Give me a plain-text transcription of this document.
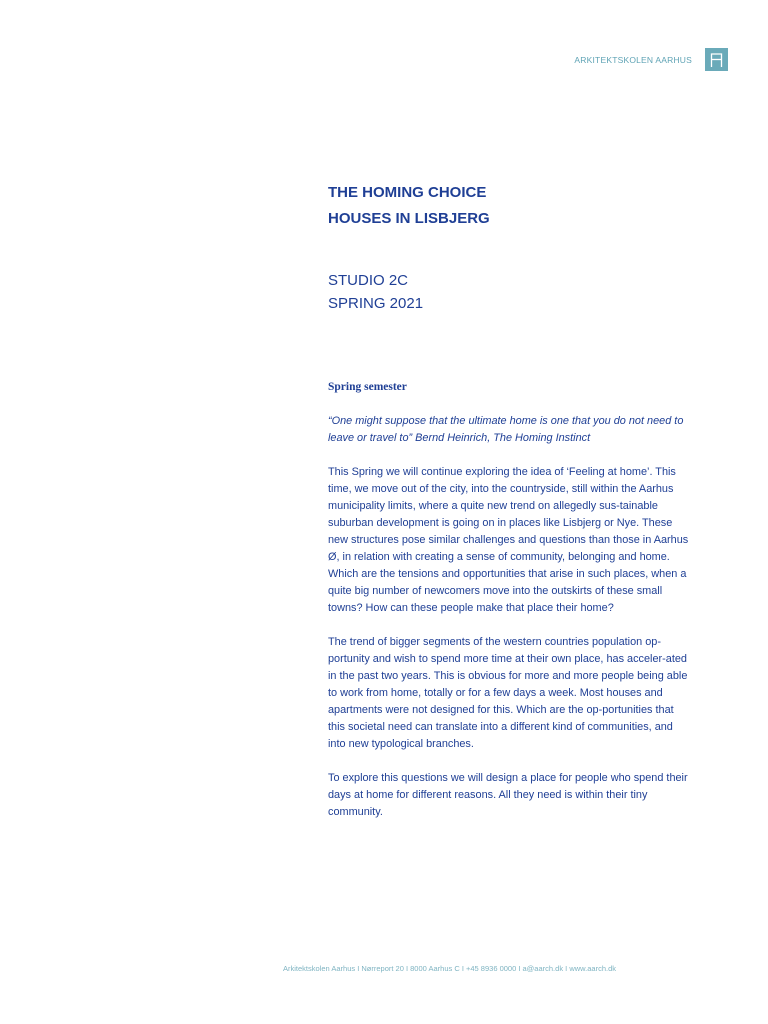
ARKITEKTSKOLEN AARHUS
THE HOMING CHOICE
HOUSES IN LISBJERG
STUDIO 2C
SPRING 2021
Spring semester
“One might suppose that the ultimate home is one that you do not need to leave or travel to” Bernd Heinrich, The Homing Instinct
This Spring we will continue exploring the idea of ‘Feeling at home’. This time, we move out of the city, into the countryside, still within the Aarhus municipality limits, where a quite new trend on allegedly sus-tainable suburban development is going on in places like Lisbjerg or Nye. These new structures pose similar challenges and questions than those in Aarhus Ø, in relation with creating a sense of community, belonging and home. Which are the tensions and opportunities that arise in such places, when a quite big number of newcomers move into the outskirts of these small towns? How can these people make that place their home?
The trend of bigger segments of the western countries population op-portunity and wish to spend more time at their own place, has acceler-ated in the past two years. This is obvious for more and more people being able to work from home, totally or for a few days a week. Most houses and apartments were not designed for this. Which are the op-portunities that this societal need can translate into a different kind of communities, and into new typological branches.
To explore this questions we will design a place for people who spend their days at home for different reasons. All they need is within their tiny community.
Arkitektskolen Aarhus I Nørreport 20 I 8000 Aarhus C I +45 8936 0000 I a@aarch.dk I www.aarch.dk
